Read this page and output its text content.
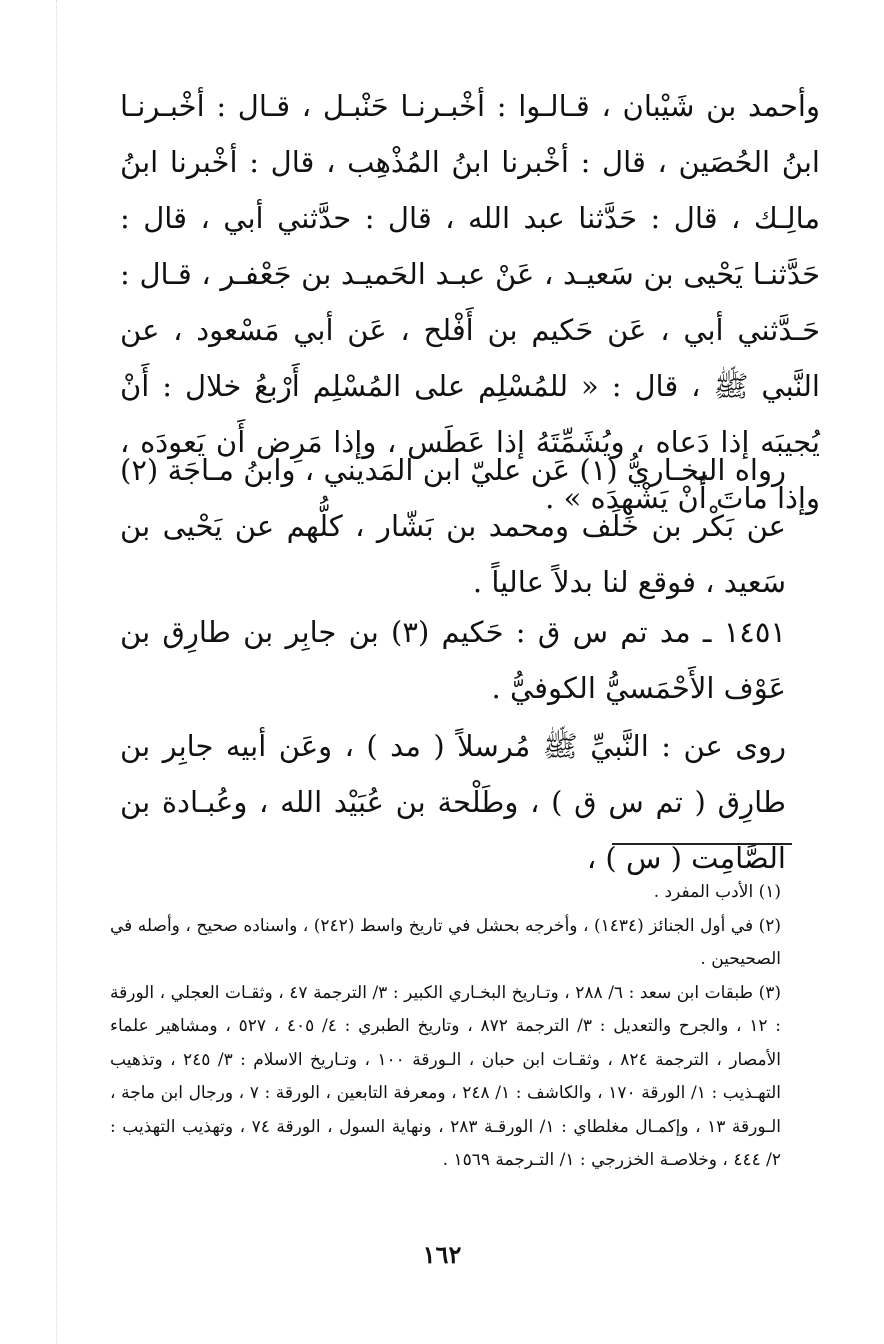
وأحمد بن شَيْبان ، قـالـوا : أخْبـرنـا حَنْبـل ، قـال : أخْبـرنـا ابنُ الحُصَين ، قال : أخْبرنا ابنُ المُذْهِب ، قال : أخْبرنا ابنُ مالِـك ، قال : حَدَّثنا عبد الله ، قال : حدَّثني أبي ، قال : حَدَّثنـا يَحْيى بن سَعيـد ، عَنْ عبـد الحَميـد بن جَعْفـر ، قـال : حَـدَّثني أبي ، عَن حَكيم بن أَفْلح ، عَن أبي مَسْعود ، عن النَّبي ﷺ ، قال : « للمُسْلِم على المُسْلِم أَرْبعُ خلال : أَنْ يُجيبَه إذا دَعاه ، ويُشَمِّتَهُ إذا عَطَس ، وإذا مَرِض أَن يَعودَه ، وإذا ماتَ أَنْ يَشْهدَه » .

رواه البخـاريُّ (١) عَن عليّ ابن المَديني ، وابنُ مـاجَة (٢) عن بَكْر بن خَلَف ومحمد بن بَشّار ، كلُّهم عن يَحْيى بن سَعيد ، فوقع لنا بدلاً عالياً .

١٤٥١ ـ مد تم س ق : حَكيم (٣) بن جابِر بن طارِق بن عَوْف الأَحْمَسيُّ الكوفيُّ .

روى عن : النَّبيِّ ﷺ مُرسلاً ( مد ) ، وعَن أبيه جابِر بن طارِق ( تم س ق ) ، وطَلْحة بن عُبَيْد الله ، وعُبـادة بن الصَّامِت ( س ) ،

(١) الأدب المفرد .

(٢) في أول الجنائز (١٤٣٤) ، وأخرجه بحشل في تاريخ واسط (٢٤٢) ، واسناده صحيح ، وأصله في الصحيحين .

(٣) طبقات ابن سعد : ٦/ ٢٨٨ ، وتـاريخ البخـاري الكبير : ٣/ الترجمة ٤٧ ، وثقـات العجلي ، الورقة : ١٢ ، والجرح والتعديل : ٣/ الترجمة ٨٧٢ ، وتاريخ الطبري : ٤/ ٤٠٥ ، ٥٢٧ ، ومشاهير علماء الأمصار ، الترجمة ٨٢٤ ، وثقـات ابن حبان ، الـورقة ١٠٠ ، وتـاريخ الاسلام : ٣/ ٢٤٥ ، وتذهيب التهـذيب : ١/ الورقة ١٧٠ ، والكاشف : ١/ ٢٤٨ ، ومعرفة التابعين ، الورقة : ٧ ، ورجال ابن ماجة ، الـورقة ١٣ ، وإكمـال مغلطاي : ١/ الورقـة ٢٨٣ ، ونهاية السول ، الورقة ٧٤ ، وتهذيب التهذيب : ٢/ ٤٤٤ ، وخلاصـة الخزرجي : ١/ التـرجمة ١٥٦٩ .

١٦٢
